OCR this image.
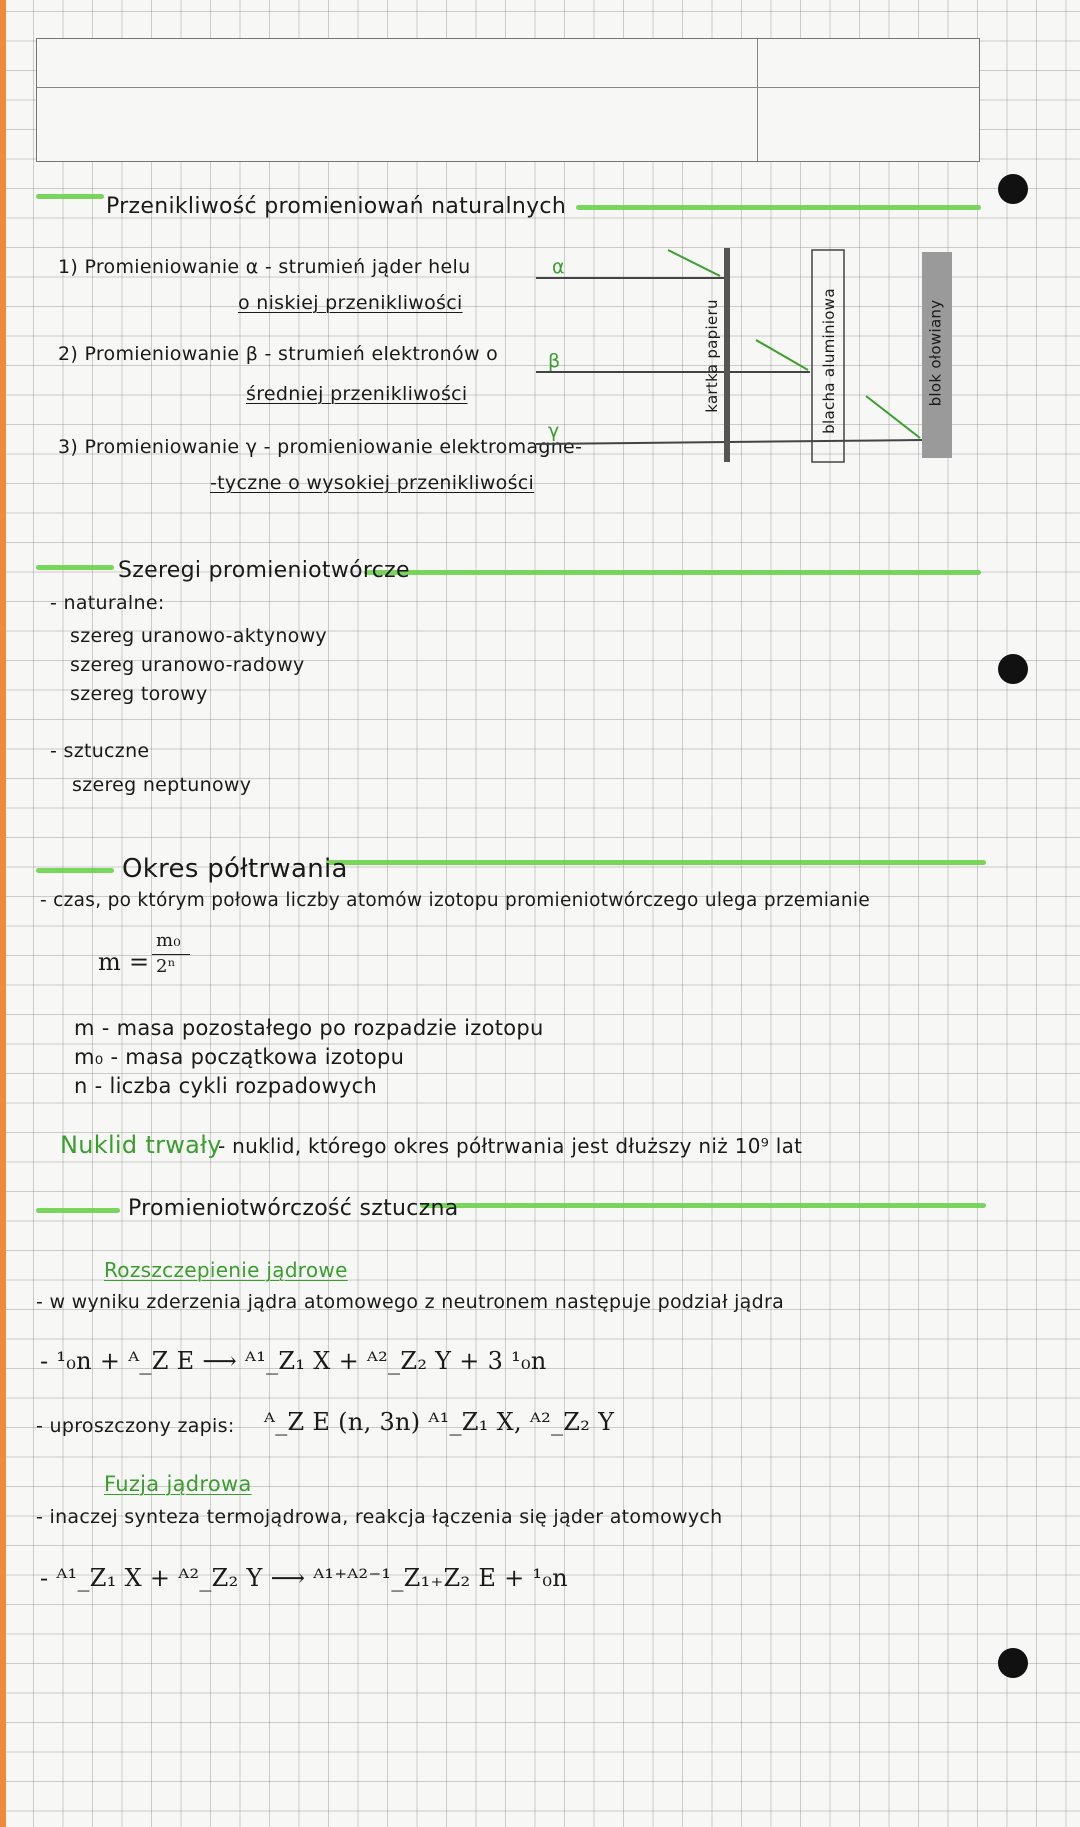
Przenikliwość promieniowań naturalnych
1) Promieniowanie α - strumień jąder helu
o niskiej przenikliwości
2) Promieniowanie β - strumień elektronów o
średniej przenikliwości
3) Promieniowanie γ - promieniowanie elektromagne-
-tyczne o wysokiej przenikliwości
α
β
γ
kartka papieru	blacha aluminiowa	blok ołowiany
Szeregi promieniotwórcze
- naturalne:
szereg uranowo-aktynowy
szereg uranowo-radowy
szereg torowy
- sztuczne
szereg neptunowy
Okres półtrwania
- czas, po którym połowa liczby atomów izotopu promieniotwórczego ulega przemianie
m =
m₀
2ⁿ
m - masa pozostałego po rozpadzie izotopu
m₀ - masa początkowa izotopu
n - liczba cykli rozpadowych
Nuklid trwały
- nuklid, którego okres półtrwania jest dłuższy niż 10⁹ lat
Promieniotwórczość sztuczna
Rozszczepienie jądrowe
- w wyniku zderzenia jądra atomowego z neutronem następuje podział jądra
- ¹₀n + ᴬ_Z E ⟶ ᴬ¹_Z₁ X + ᴬ²_Z₂ Y + 3 ¹₀n
- uproszczony zapis: ᴬ_Z E (n, 3n) ᴬ¹_Z₁ X, ᴬ²_Z₂ Y
Fuzja jądrowa
- inaczej synteza termojądrowa, reakcja łączenia się jąder atomowych
- ᴬ¹_Z₁ X + ᴬ²_Z₂ Y ⟶ ᴬ¹⁺ᴬ²⁻¹_Z₁₊Z₂ E + ¹₀n
